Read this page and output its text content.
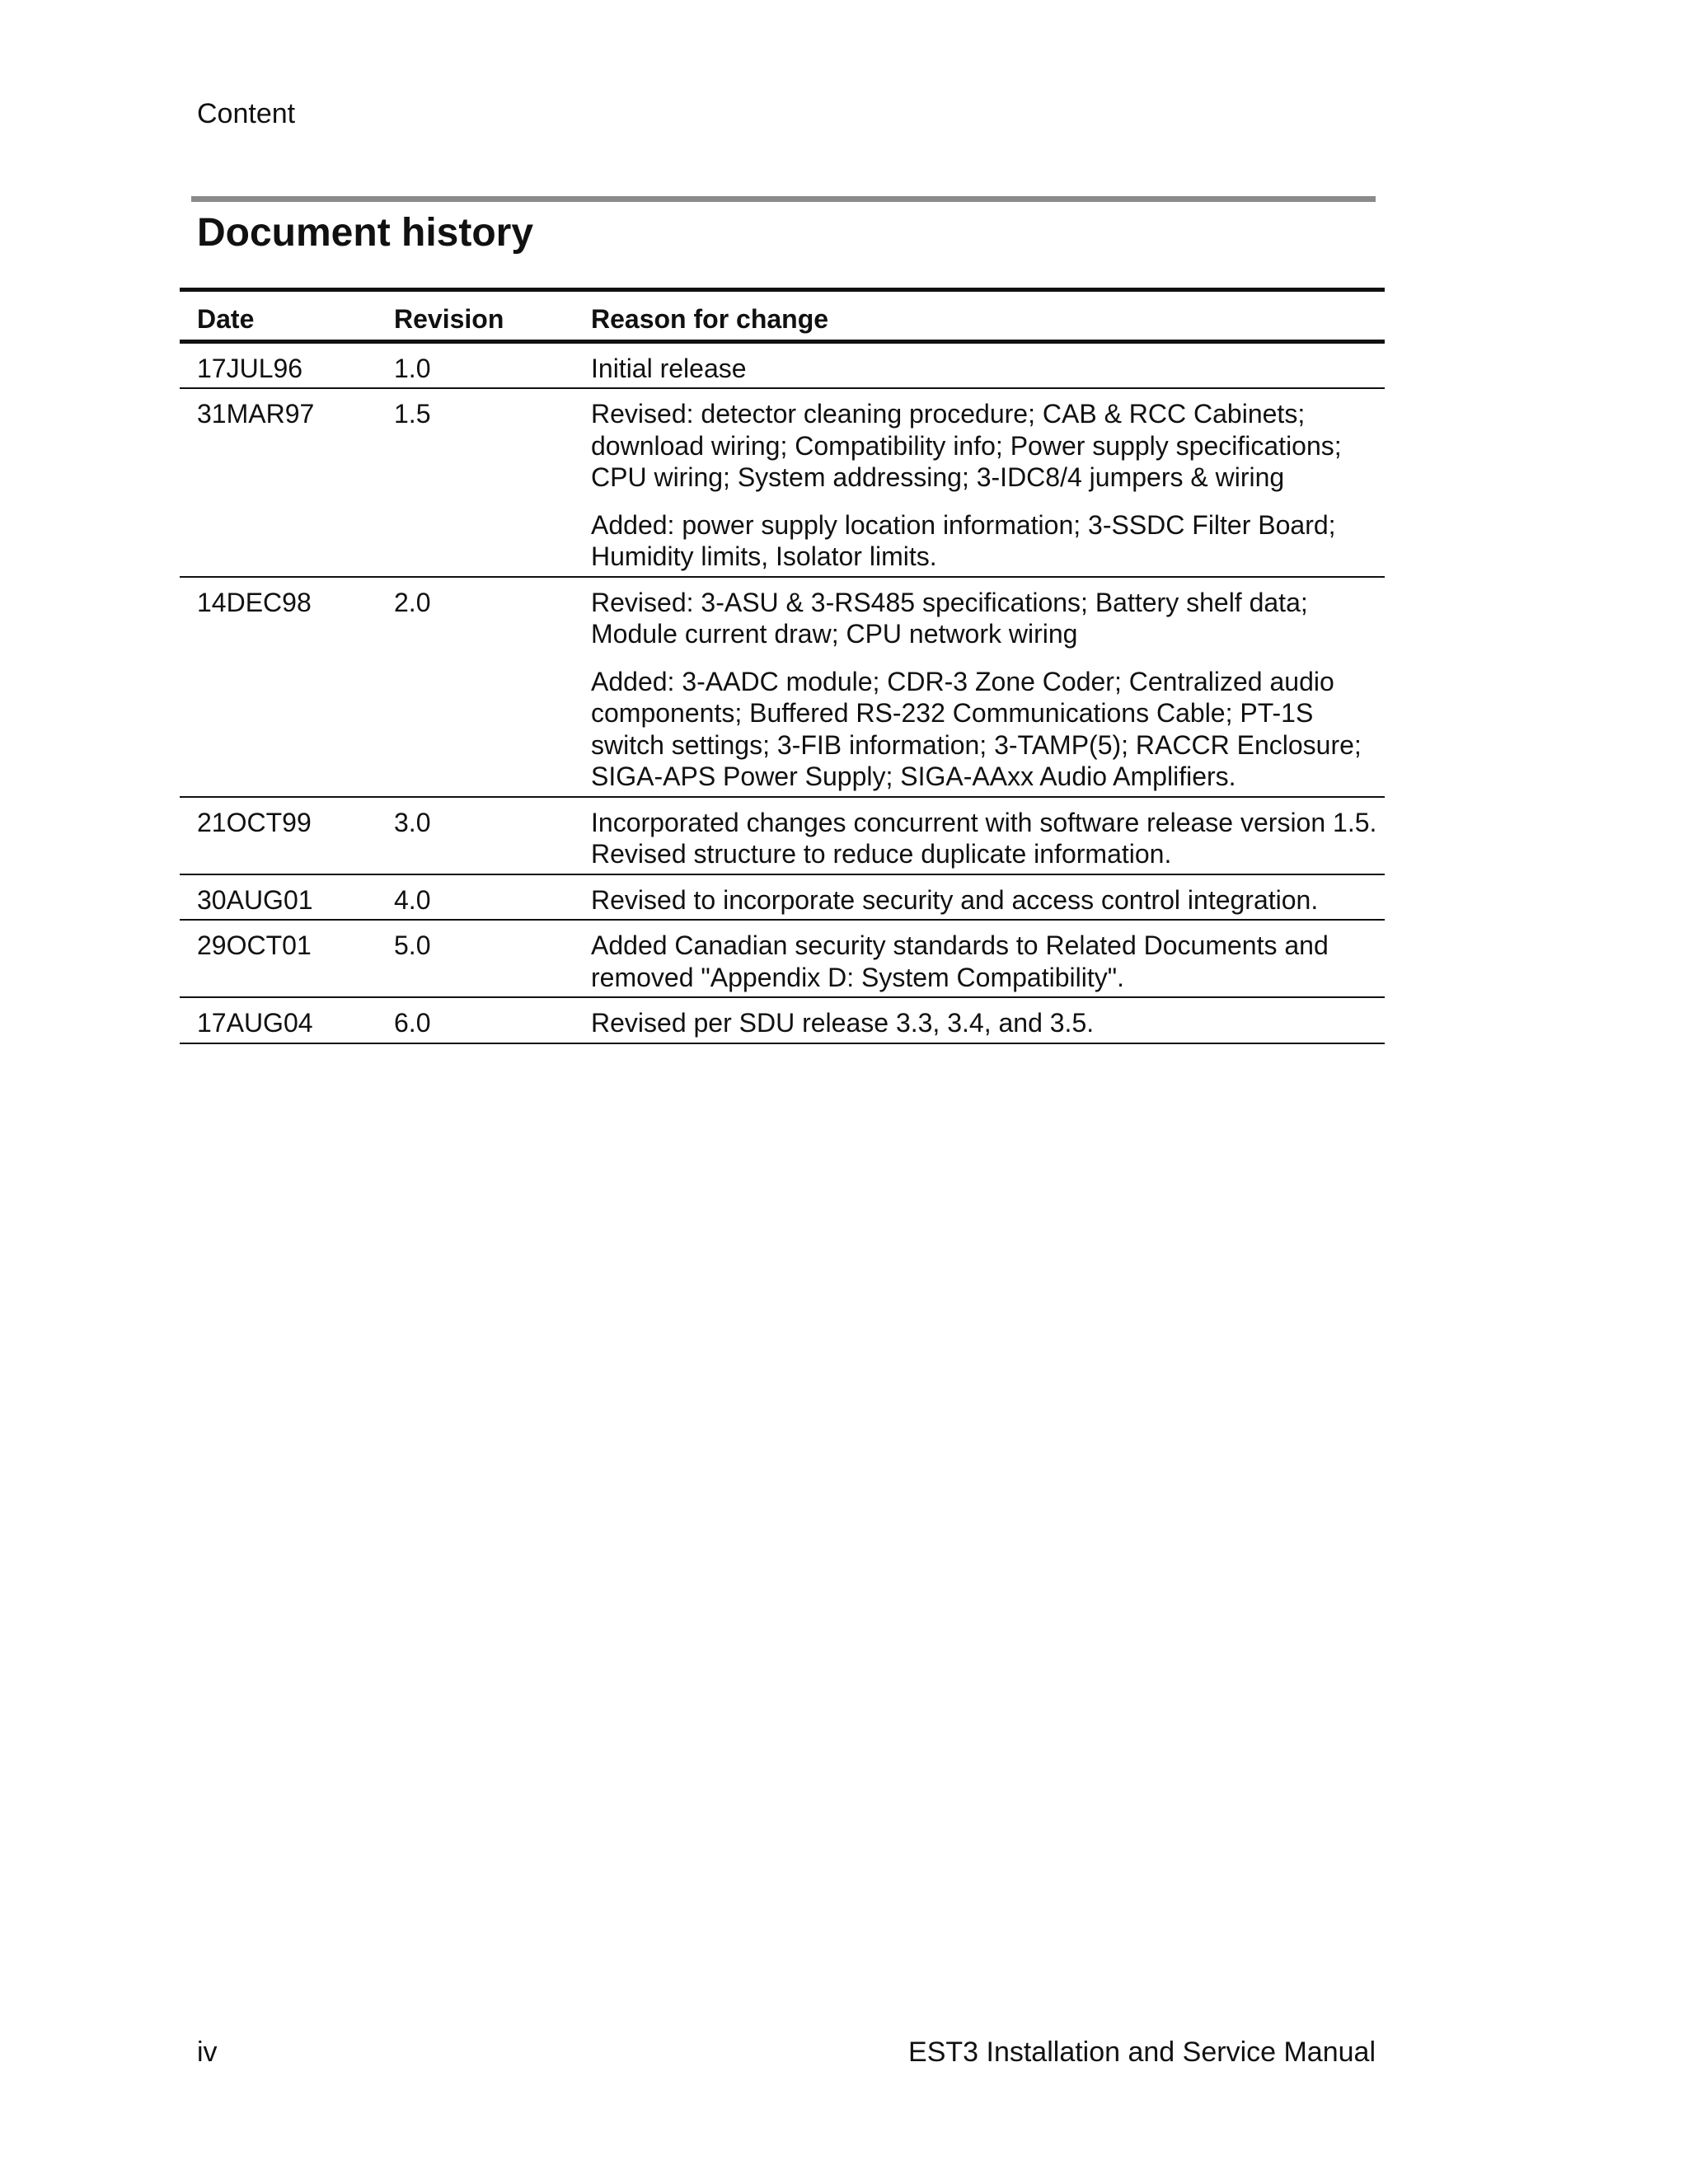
Content
Document history
Date	Revision	Reason for change
17JUL96	1.0	Initial release

31MAR97	1.5	Revised: detector cleaning procedure; CAB & RCC Cabinets; download wiring; Compatibility info; Power supply specifications; CPU wiring; System addressing; 3-IDC8/4 jumpers & wiring

Added: power supply location information; 3-SSDC Filter Board; Humidity limits, Isolator limits.

14DEC98	2.0	Revised: 3-ASU & 3-RS485 specifications; Battery shelf data; Module current draw; CPU network wiring

Added: 3-AADC module; CDR-3 Zone Coder; Centralized audio components; Buffered RS-232 Communications Cable; PT-1S switch settings; 3-FIB information; 3-TAMP(5); RACCR Enclosure; SIGA-APS Power Supply; SIGA-AAxx Audio Amplifiers.

21OCT99	3.0	Incorporated changes concurrent with software release version 1.5. Revised structure to reduce duplicate information.

30AUG01	4.0	Revised to incorporate security and access control integration.

29OCT01	5.0	Added Canadian security standards to Related Documents and removed "Appendix D: System Compatibility".

17AUG04	6.0	Revised per SDU release 3.3, 3.4, and 3.5.

iv	EST3 Installation and Service Manual
